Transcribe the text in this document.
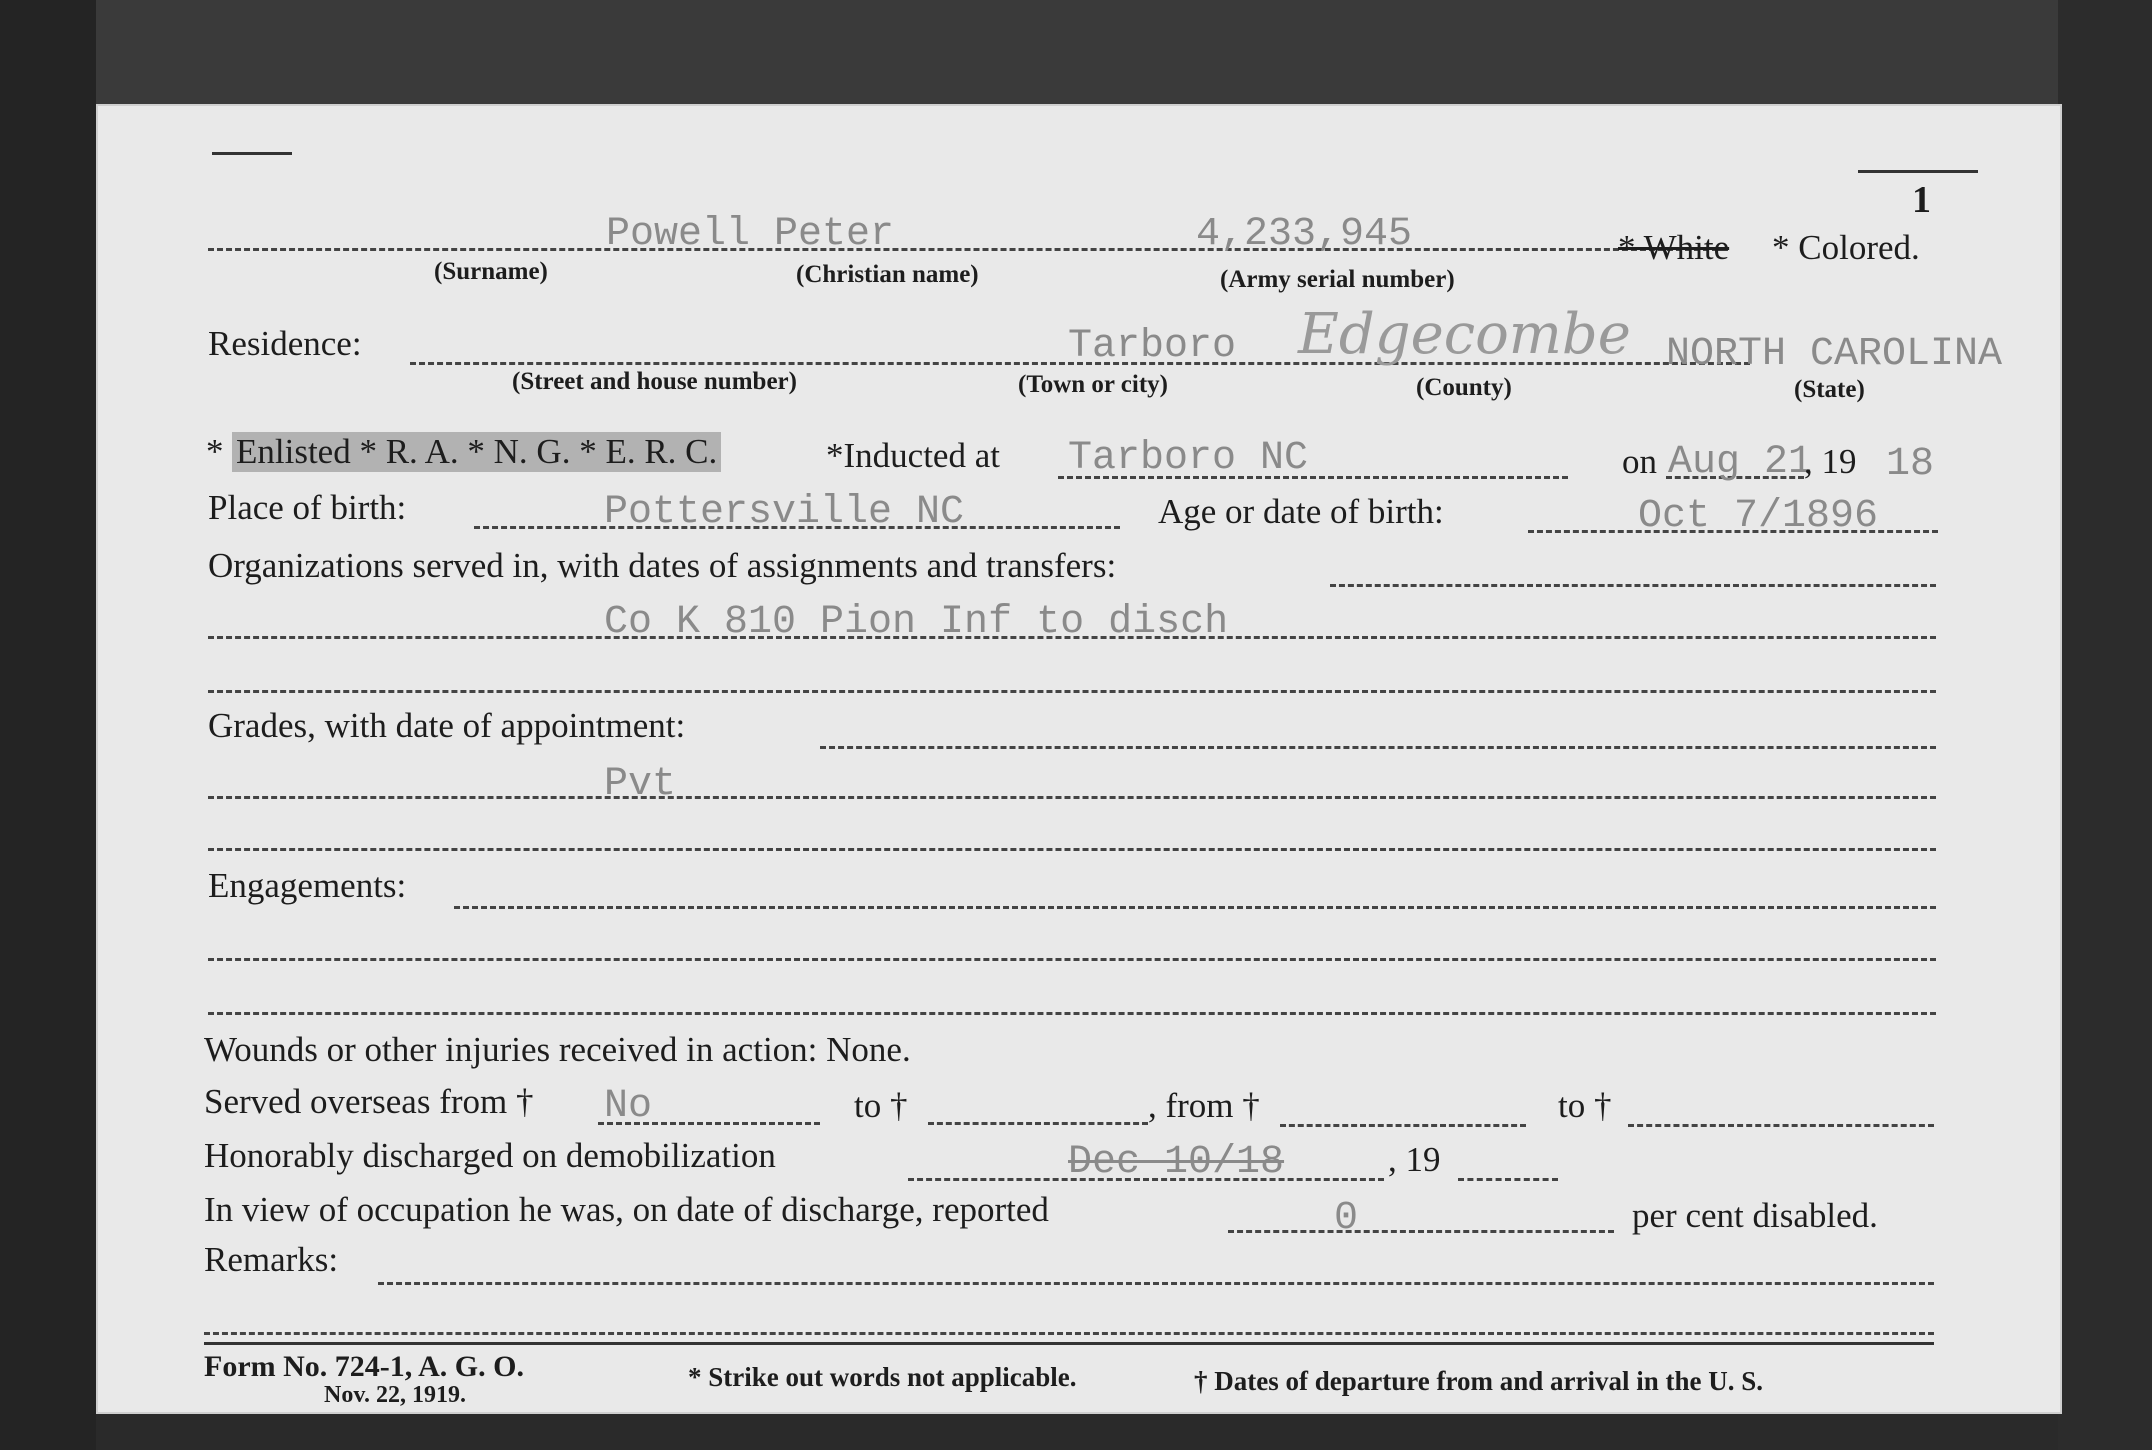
1
Powell Peter	4,233,945	* White * Colored.
(Surname)	(Christian name)	(Army serial number)
Residence:	Tarboro Edgecombe NORTH CAROLINA
(Street and house number)	(Town or city)	(County)	(State)
* Enlisted * R. A. * N. G. * E. R. C.	*Inducted at Tarboro NC	on Aug 21
, 19 18
Place of birth:	Pottersville NC	Age or date of birth:	Oct 7/1896
Organizations served in, with dates of assignments and transfers:
Co K 810 Pion Inf to disch
Grades, with date of appointment:
Pvt
Engagements:
Wounds or other injuries received in action: None.
Served overseas from † No	to †	, from †	to †
Honorably discharged on demobilization	Dec 10/18	, 19
In view of occupation he was, on date of discharge, reported	0	per cent disabled.
Remarks:
Form No. 724-1, A. G. O.
Nov. 22, 1919.
* Strike out words not applicable.	† Dates of departure from and arrival in the U. S.
